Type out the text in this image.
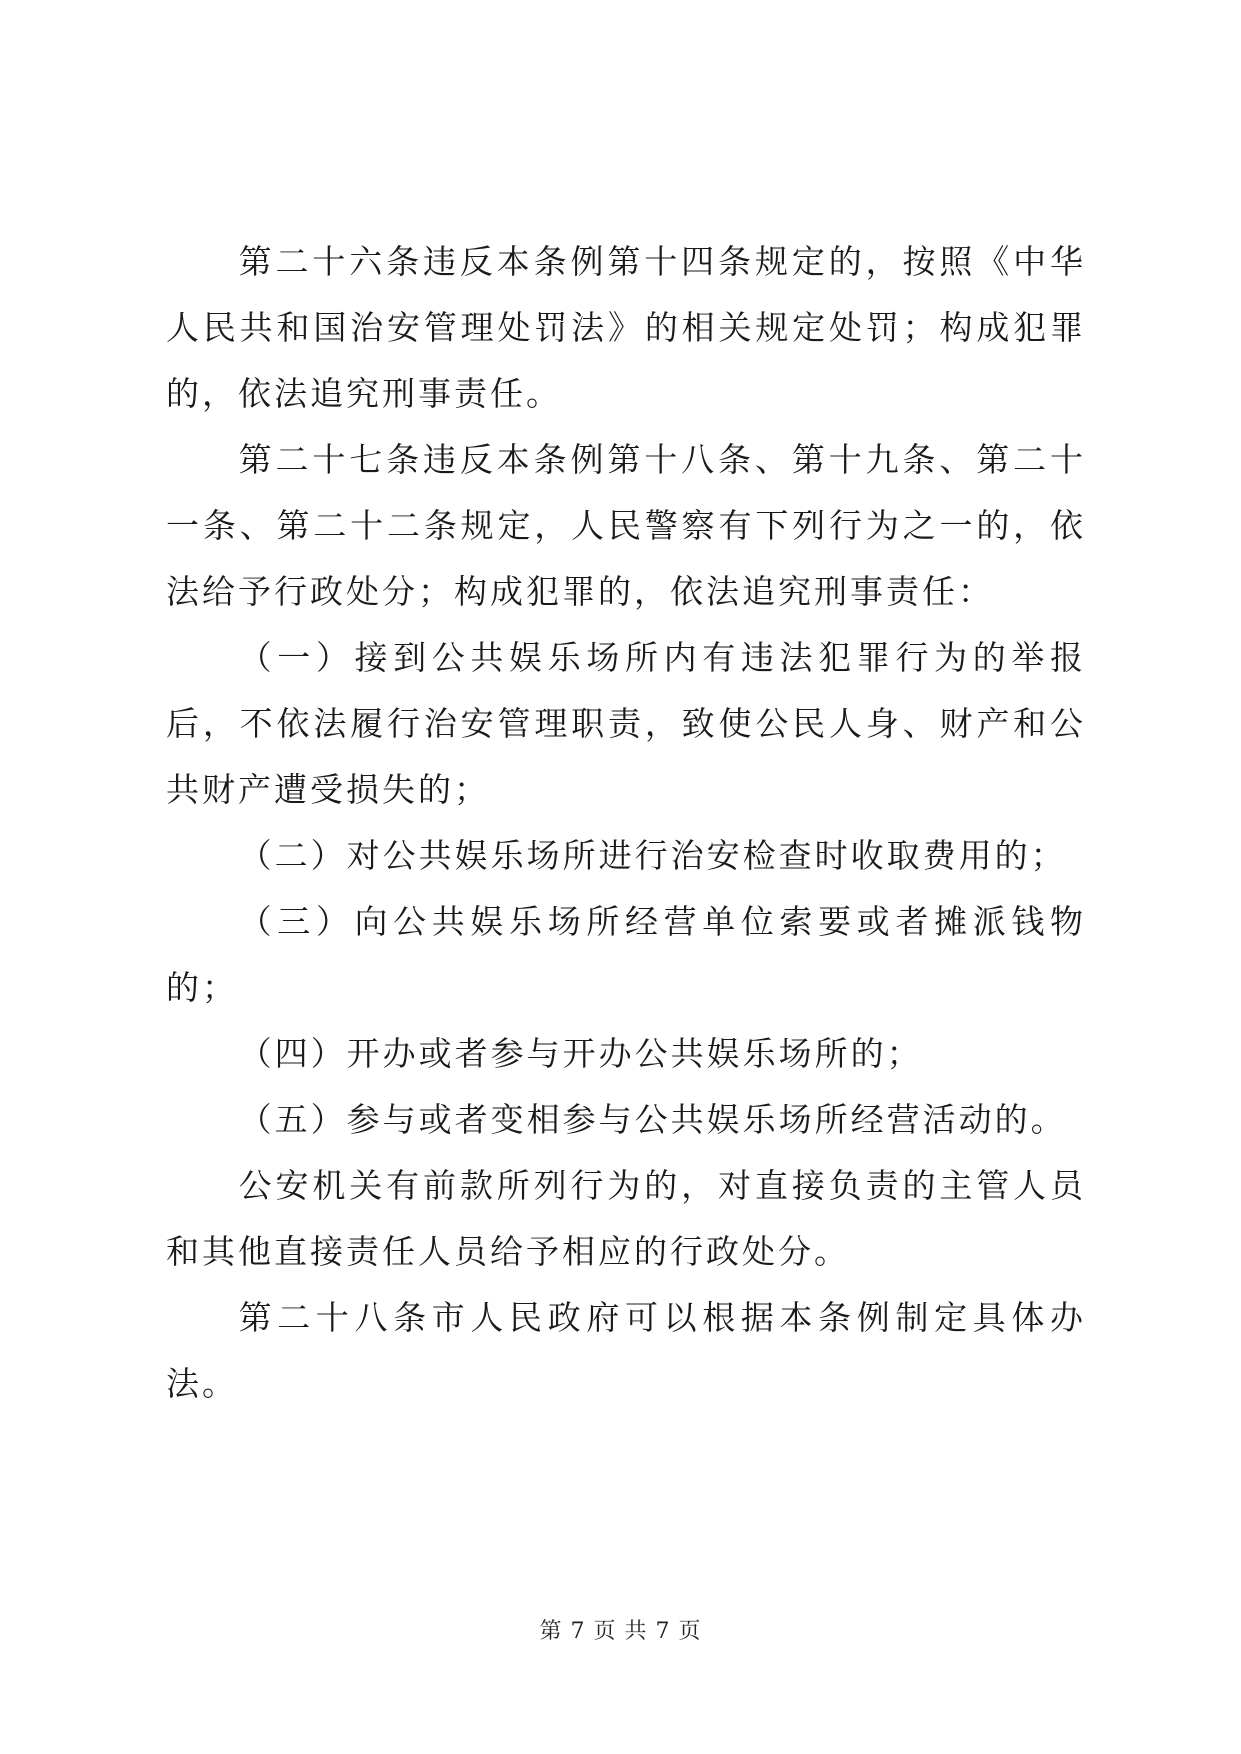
第二十六条违反本条例第十四条规定的，按照《中华人民共和国治安管理处罚法》的相关规定处罚；构成犯罪的，依法追究刑事责任。

第二十七条违反本条例第十八条、第十九条、第二十一条、第二十二条规定，人民警察有下列行为之一的，依法给予行政处分；构成犯罪的，依法追究刑事责任：

（一）接到公共娱乐场所内有违法犯罪行为的举报后，不依法履行治安管理职责，致使公民人身、财产和公共财产遭受损失的；

（二）对公共娱乐场所进行治安检查时收取费用的；

（三）向公共娱乐场所经营单位索要或者摊派钱物的；

（四）开办或者参与开办公共娱乐场所的；

（五）参与或者变相参与公共娱乐场所经营活动的。

公安机关有前款所列行为的，对直接负责的主管人员和其他直接责任人员给予相应的行政处分。

第二十八条市人民政府可以根据本条例制定具体办法。

第 7 页 共 7 页
